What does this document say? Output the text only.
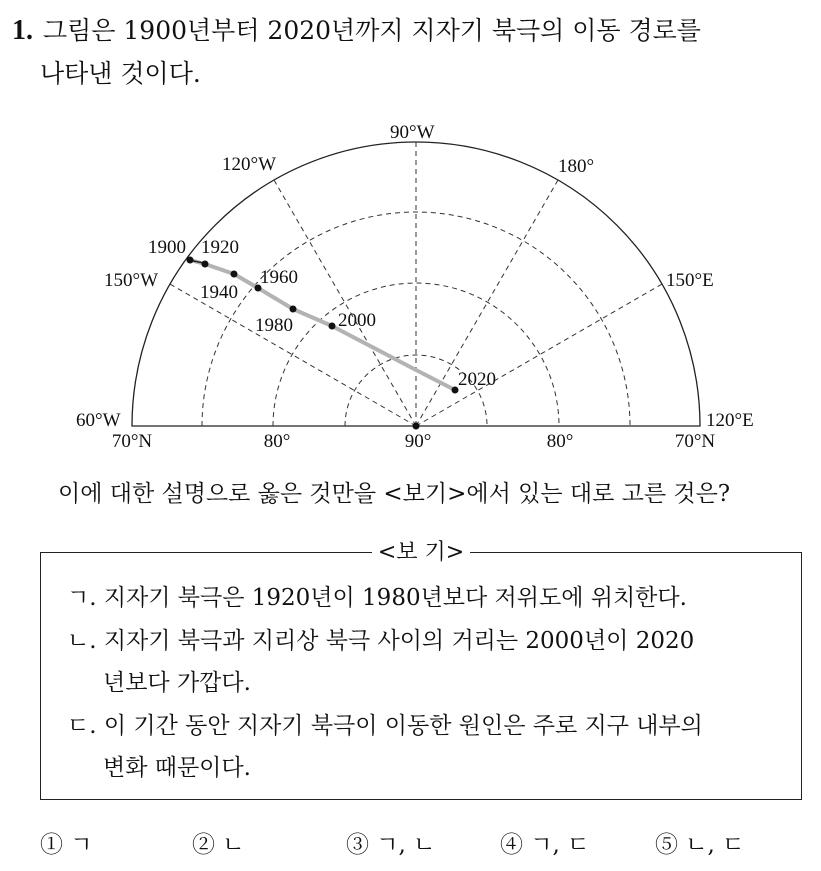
1. 그림은 1900년부터 2020년까지 지자기 북극의 이동 경로를
나타낸 것이다.
1900 1920
1940
1960
1980 2000
2020
90°W
120°W	180°
150°W	150°E
60°W	120°E
70°N	80°	90°	80°	70°N
이에 대한 설명으로 옳은 것만을 <보기>에서 있는 대로 고른 것은?
<보 기>
ㄱ. 지자기 북극은 1920년이 1980년보다 저위도에 위치한다.
ㄴ. 지자기 북극과 지리상 북극 사이의 거리는 2000년이 2020
년보다 가깝다.
ㄷ. 이 기간 동안 지자기 북극이 이동한 원인은 주로 지구 내부의
변화 때문이다.
① ㄱ	② ㄴ	③ ㄱ, ㄴ	④ ㄱ, ㄷ	⑤ ㄴ, ㄷ
